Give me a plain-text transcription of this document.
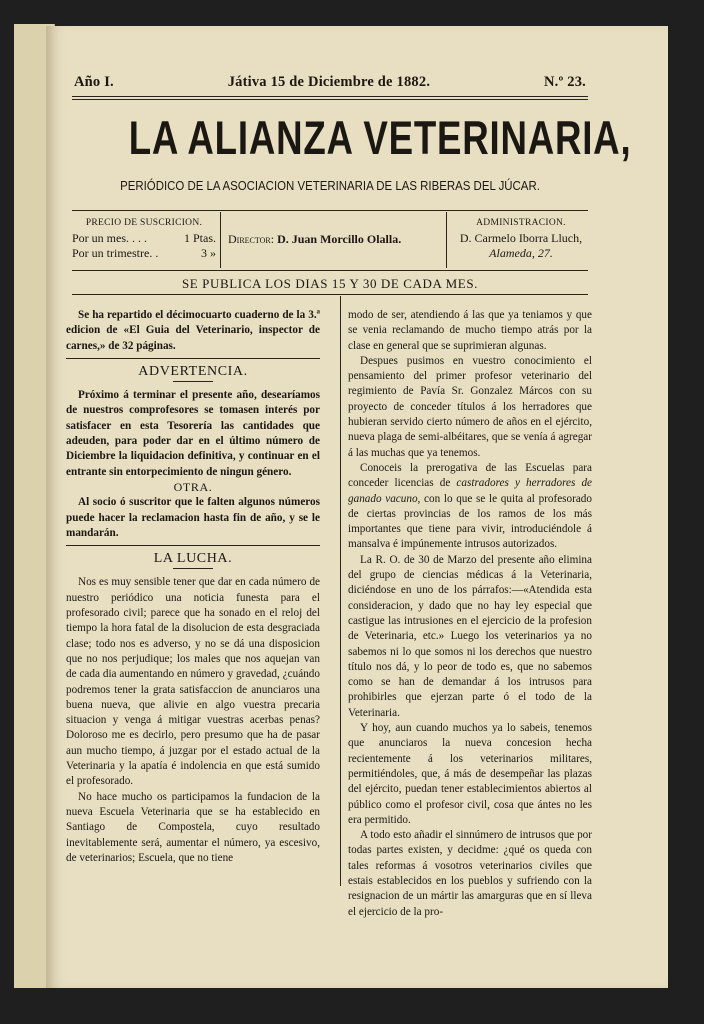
Año I.	Játiva 15 de Diciembre de 1882.	N.º 23.
LA ALIANZA VETERINARIA,
PERIÓDICO DE LA ASOCIACION VETERINARIA DE LAS RIBERAS DEL JÚCAR.
PRECIO DE SUSCRICION.
Por un mes. . . .	1 Ptas.
Por un trimestre. .	3 »
Director: D. Juan Morcillo Olalla.
ADMINISTRACION.
D. Carmelo Iborra Lluch,
Alameda, 27.
SE PUBLICA LOS DIAS 15 Y 30 DE CADA MES.

Se ha repartido el décimocuarto cuaderno de la 3.ª edicion de «El Guia del Veterinario, inspector de carnes,» de 32 páginas.

ADVERTENCIA.

Próximo á terminar el presente año, desearíamos de nuestros comprofesores se tomasen interés por satisfacer en esta Tesorería las cantidades que adeuden, para poder dar en el último número de Diciembre la liquidacion definitiva, y continuar en el entrante sin entorpecimiento de ningun género.

OTRA.

Al socio ó suscritor que le falten algunos números puede hacer la reclamacion hasta fin de año, y se le mandarán.

LA LUCHA.

Nos es muy sensible tener que dar en cada número de nuestro periódico una noticia funesta para el profesorado civil; parece que ha sonado en el reloj del tiempo la hora fatal de la disolucion de esta desgraciada clase; todo nos es adverso, y no se dá una disposicion que no nos perjudique; los males que nos aquejan van de cada dia aumentando en número y gravedad, ¿cuándo podremos tener la grata satisfaccion de anunciaros una buena nueva, que alivie en algo vuestra precaria situacion y venga á mitigar vuestras acerbas penas? Doloroso me es decirlo, pero presumo que ha de pasar aun mucho tiempo, á juzgar por el estado actual de la Veterinaria y la apatía é indolencia en que está sumido el profesorado.

No hace mucho os participamos la fundacion de la nueva Escuela Veterinaria que se ha establecido en Santiago de Compostela, cuyo resultado inevitablemente será, aumentar el número, ya escesivo, de veterinarios; Escuela, que no tiene

modo de ser, atendiendo á las que ya teniamos y que se venia reclamando de mucho tiempo atrás por la clase en general que se suprimieran algunas.

Despues pusimos en vuestro conocimiento el pensamiento del primer profesor veterinario del regimiento de Pavía Sr. Gonzalez Márcos con su proyecto de conceder títulos á los herradores que hubieran servido cierto número de años en el ejército, nueva plaga de semi-albéitares, que se venía á agregar á las muchas que ya tenemos.

Conoceis la prerogativa de las Escuelas para conceder licencias de castradores y herradores de ganado vacuno, con lo que se le quita al profesorado de ciertas provincias de los ramos de los más importantes que tiene para vivir, introduciéndole á mansalva é impúnemente intrusos autorizados.

La R. O. de 30 de Marzo del presente año elimina del grupo de ciencias médicas á la Veterinaria, diciéndose en uno de los párrafos:—«Atendida esta consideracion, y dado que no hay ley especial que castigue las intrusiones en el ejercicio de la profesion de Veterinaria, etc.» Luego los veterinarios ya no sabemos ni lo que somos ni los derechos que nuestro título nos dá, y lo peor de todo es, que no sabemos como se han de demandar á los intrusos para prohibirles que ejerzan parte ó el todo de la Veterinaria.

Y hoy, aun cuando muchos ya lo sabeis, tenemos que anunciaros la nueva concesion hecha recientemente á los veterinarios militares, permitiéndoles, que, á más de desempeñar las plazas del ejército, puedan tener establecimientos abiertos al público como el profesor civil, cosa que ántes no les era permitido.

A todo esto añadir el sinnúmero de intrusos que por todas partes existen, y decidme: ¿qué os queda con tales reformas á vosotros veterinarios civiles que estais establecidos en los pueblos y sufriendo con la resignacion de un mártir las amarguras que en sí lleva el ejercicio de la pro-
